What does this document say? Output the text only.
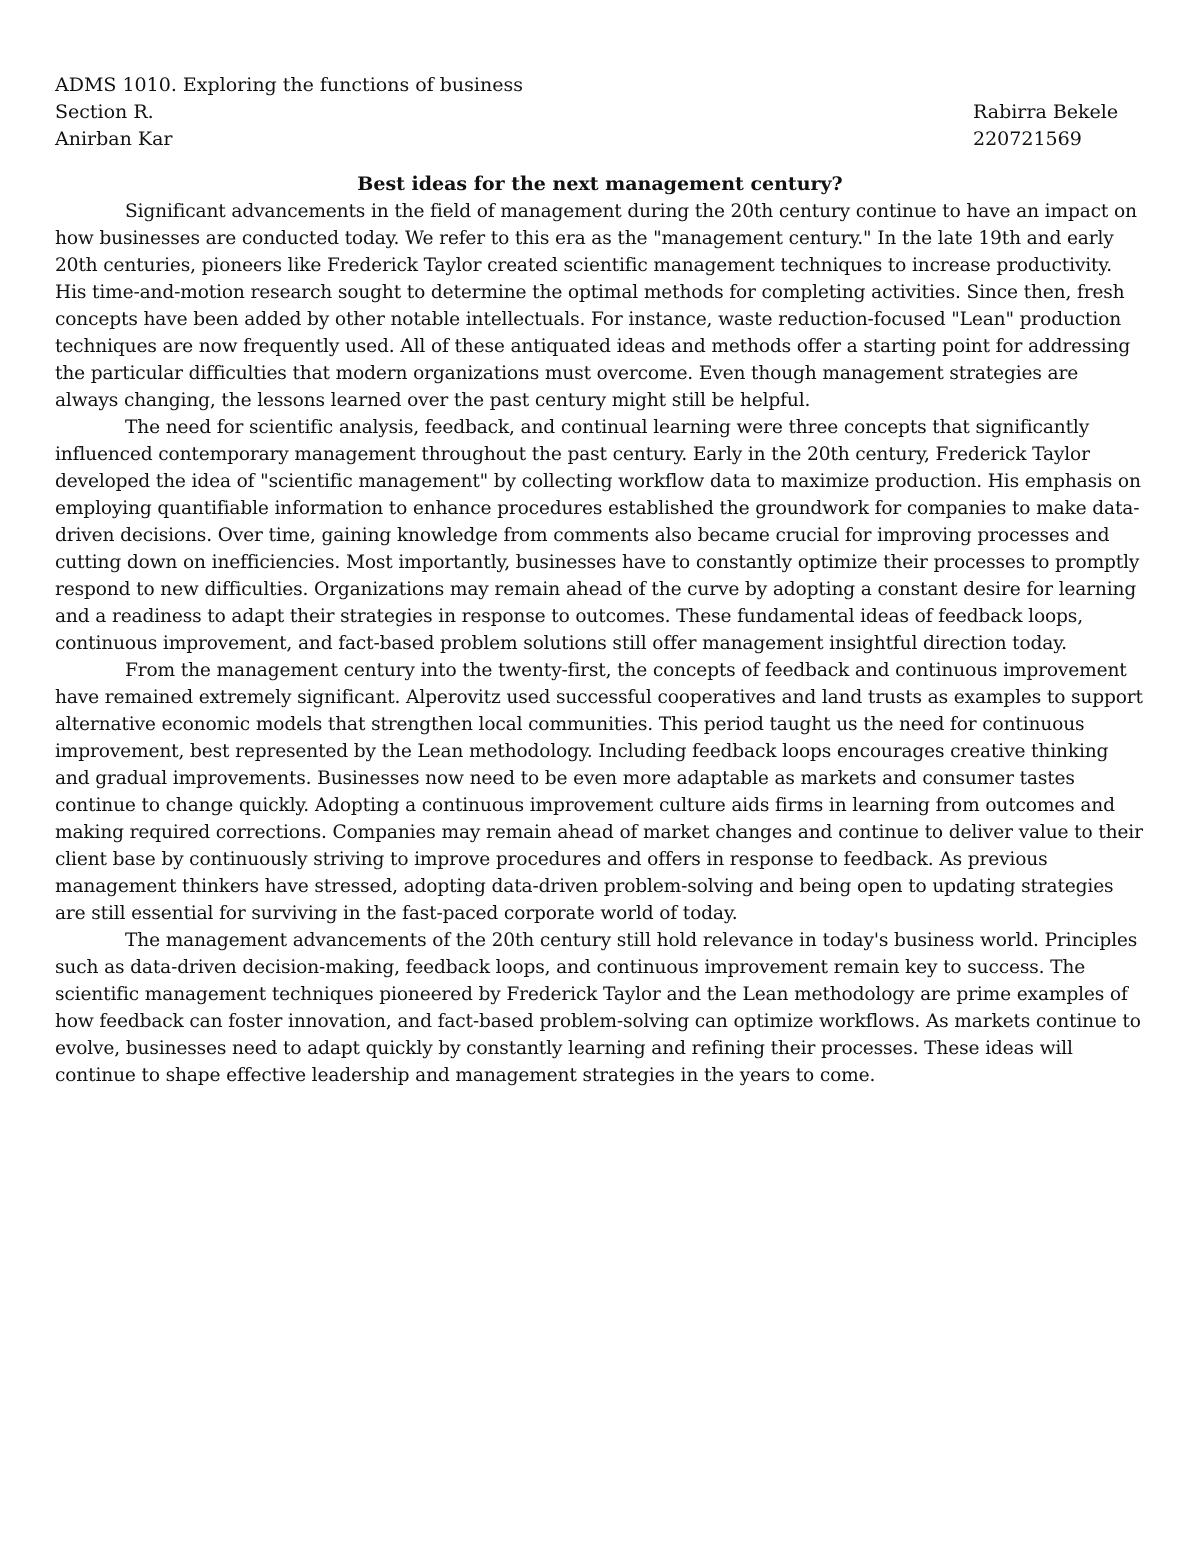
ADMS 1010. Exploring the functions of business
Section R.	Rabirra Bekele
Anirban Kar	220721569
Best ideas for the next management century?

Significant advancements in the field of management during the 20th century continue to have an impact on how businesses are conducted today. We refer to this era as the "management century." In the late 19th and early 20th centuries, pioneers like Frederick Taylor created scientific management techniques to increase productivity. His time-and-motion research sought to determine the optimal methods for completing activities. Since then, fresh concepts have been added by other notable intellectuals. For instance, waste reduction-focused "Lean" production techniques are now frequently used. All of these antiquated ideas and methods offer a starting point for addressing the particular difficulties that modern organizations must overcome. Even though management strategies are always changing, the lessons learned over the past century might still be helpful.

The need for scientific analysis, feedback, and continual learning were three concepts that significantly influenced contemporary management throughout the past century. Early in the 20th century, Frederick Taylor developed the idea of "scientific management" by collecting workflow data to maximize production. His emphasis on employing quantifiable information to enhance procedures established the groundwork for companies to make data-driven decisions. Over time, gaining knowledge from comments also became crucial for improving processes and cutting down on inefficiencies. Most importantly, businesses have to constantly optimize their processes to promptly respond to new difficulties. Organizations may remain ahead of the curve by adopting a constant desire for learning and a readiness to adapt their strategies in response to outcomes. These fundamental ideas of feedback loops, continuous improvement, and fact-based problem solutions still offer management insightful direction today.

From the management century into the twenty-first, the concepts of feedback and continuous improvement have remained extremely significant. Alperovitz used successful cooperatives and land trusts as examples to support alternative economic models that strengthen local communities. This period taught us the need for continuous improvement, best represented by the Lean methodology. Including feedback loops encourages creative thinking and gradual improvements. Businesses now need to be even more adaptable as markets and consumer tastes continue to change quickly. Adopting a continuous improvement culture aids firms in learning from outcomes and making required corrections. Companies may remain ahead of market changes and continue to deliver value to their client base by continuously striving to improve procedures and offers in response to feedback. As previous management thinkers have stressed, adopting data-driven problem-solving and being open to updating strategies are still essential for surviving in the fast-paced corporate world of today.

The management advancements of the 20th century still hold relevance in today's business world. Principles such as data-driven decision-making, feedback loops, and continuous improvement remain key to success. The scientific management techniques pioneered by Frederick Taylor and the Lean methodology are prime examples of how feedback can foster innovation, and fact-based problem-solving can optimize workflows. As markets continue to evolve, businesses need to adapt quickly by constantly learning and refining their processes. These ideas will continue to shape effective leadership and management strategies in the years to come.
